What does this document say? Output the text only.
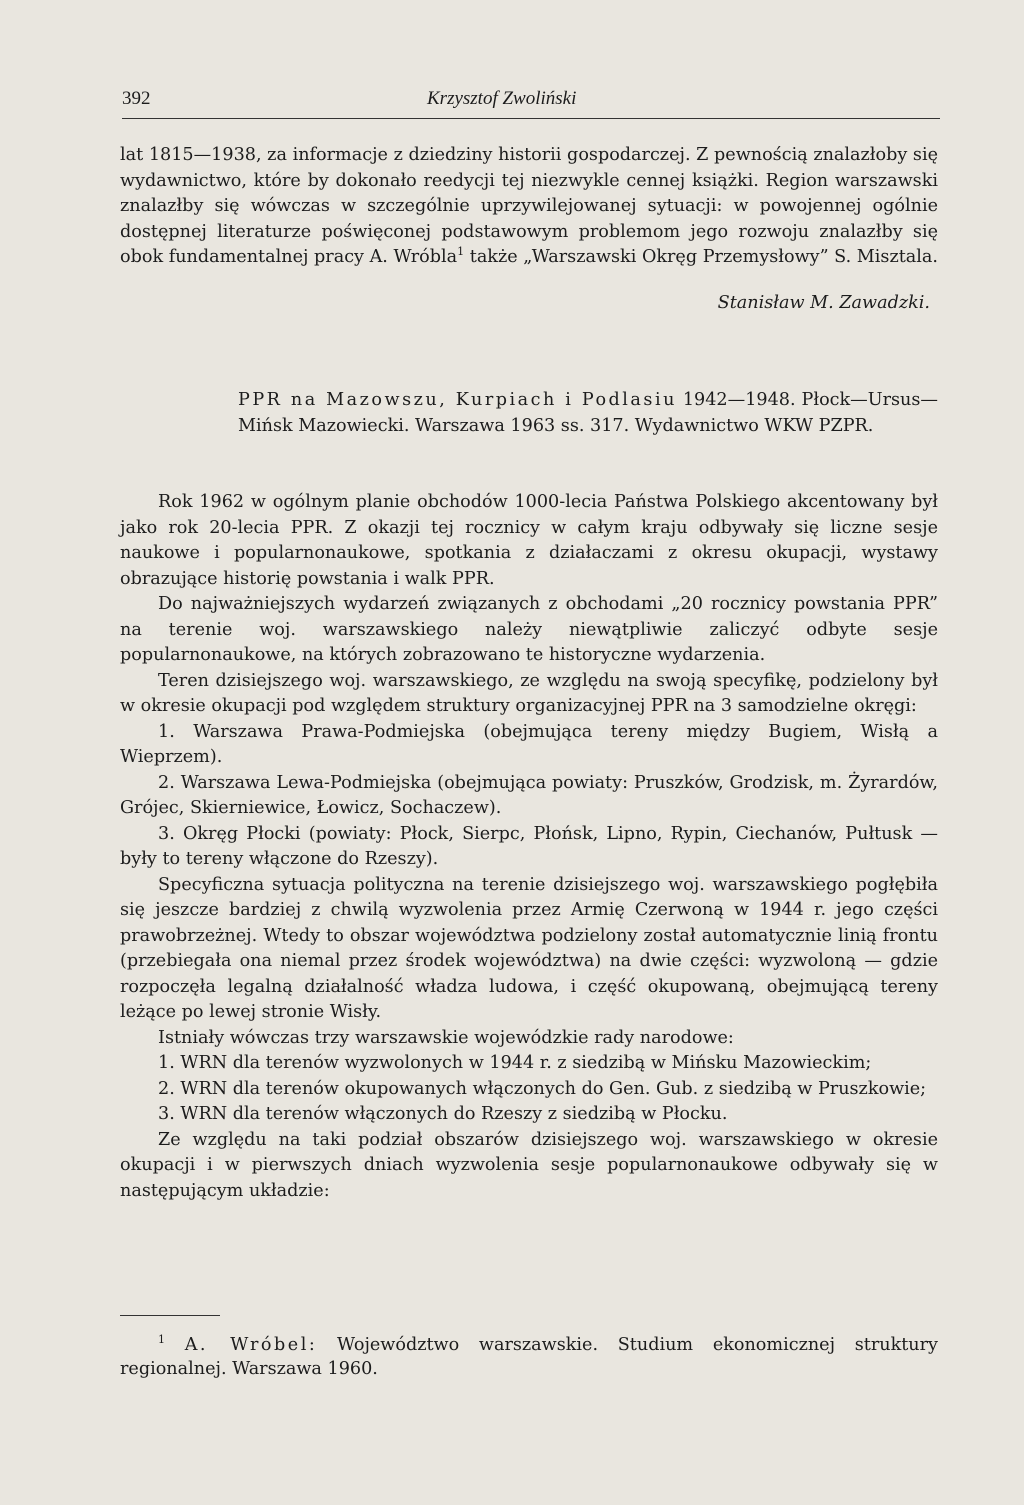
392	Krzysztof Zwoliński

lat 1815—1938, za informacje z dziedziny historii gospodarczej. Z pewnością znalazłoby się wydawnictwo, które by dokonało reedycji tej niezwykle cennej książki. Region warszawski znalazłby się wówczas w szczególnie uprzywilejowanej sytuacji: w powojennej ogólnie dostępnej literaturze poświęconej podstawowym problemom jego rozwoju znalazłby się obok fundamentalnej pracy A. Wróbla$^1$ także „Warszawski Okręg Przemysłowy” S. Misztala.

Stanisław M. Zawadzki.

PPR na Mazowszu, Kurpiach i Podlasiu 1942—1948. Płock—Ursus—Mińsk Mazowiecki. Warszawa 1963 ss. 317. Wydawnictwo WKW PZPR.

Rok 1962 w ogólnym planie obchodów 1000-lecia Państwa Polskiego akcentowany był jako rok 20-lecia PPR. Z okazji tej rocznicy w całym kraju odbywały się liczne sesje naukowe i popularnonaukowe, spotkania z działaczami z okresu okupacji, wystawy obrazujące historię powstania i walk PPR.

Do najważniejszych wydarzeń związanych z obchodami „20 rocznicy powstania PPR” na terenie woj. warszawskiego należy niewątpliwie zaliczyć odbyte sesje popularnonaukowe, na których zobrazowano te historyczne wydarzenia.

Teren dzisiejszego woj. warszawskiego, ze względu na swoją specyfikę, podzielony był w okresie okupacji pod względem struktury organizacyjnej PPR na 3 samodzielne okręgi:

1. Warszawa Prawa-Podmiejska (obejmująca tereny między Bugiem, Wisłą a Wieprzem).

2. Warszawa Lewa-Podmiejska (obejmująca powiaty: Pruszków, Grodzisk, m. Żyrardów, Grójec, Skierniewice, Łowicz, Sochaczew).

3. Okręg Płocki (powiaty: Płock, Sierpc, Płońsk, Lipno, Rypin, Ciechanów, Pułtusk — były to tereny włączone do Rzeszy).

Specyficzna sytuacja polityczna na terenie dzisiejszego woj. warszawskiego pogłębiła się jeszcze bardziej z chwilą wyzwolenia przez Armię Czerwoną w 1944 r. jego części prawobrzeżnej. Wtedy to obszar województwa podzielony został automatycznie linią frontu (przebiegała ona niemal przez środek województwa) na dwie części: wyzwoloną — gdzie rozpoczęła legalną działalność władza ludowa, i część okupowaną, obejmującą tereny leżące po lewej stronie Wisły.

Istniały wówczas trzy warszawskie wojewódzkie rady narodowe:

1. WRN dla terenów wyzwolonych w 1944 r. z siedzibą w Mińsku Mazowieckim;

2. WRN dla terenów okupowanych włączonych do Gen. Gub. z siedzibą w Pruszkowie;

3. WRN dla terenów włączonych do Rzeszy z siedzibą w Płocku.

Ze względu na taki podział obszarów dzisiejszego woj. warszawskiego w okresie okupacji i w pierwszych dniach wyzwolenia sesje popularnonaukowe odbywały się w następującym układzie:

$^1$ A. Wróbel: Województwo warszawskie. Studium ekonomicznej struktury regionalnej. Warszawa 1960.
